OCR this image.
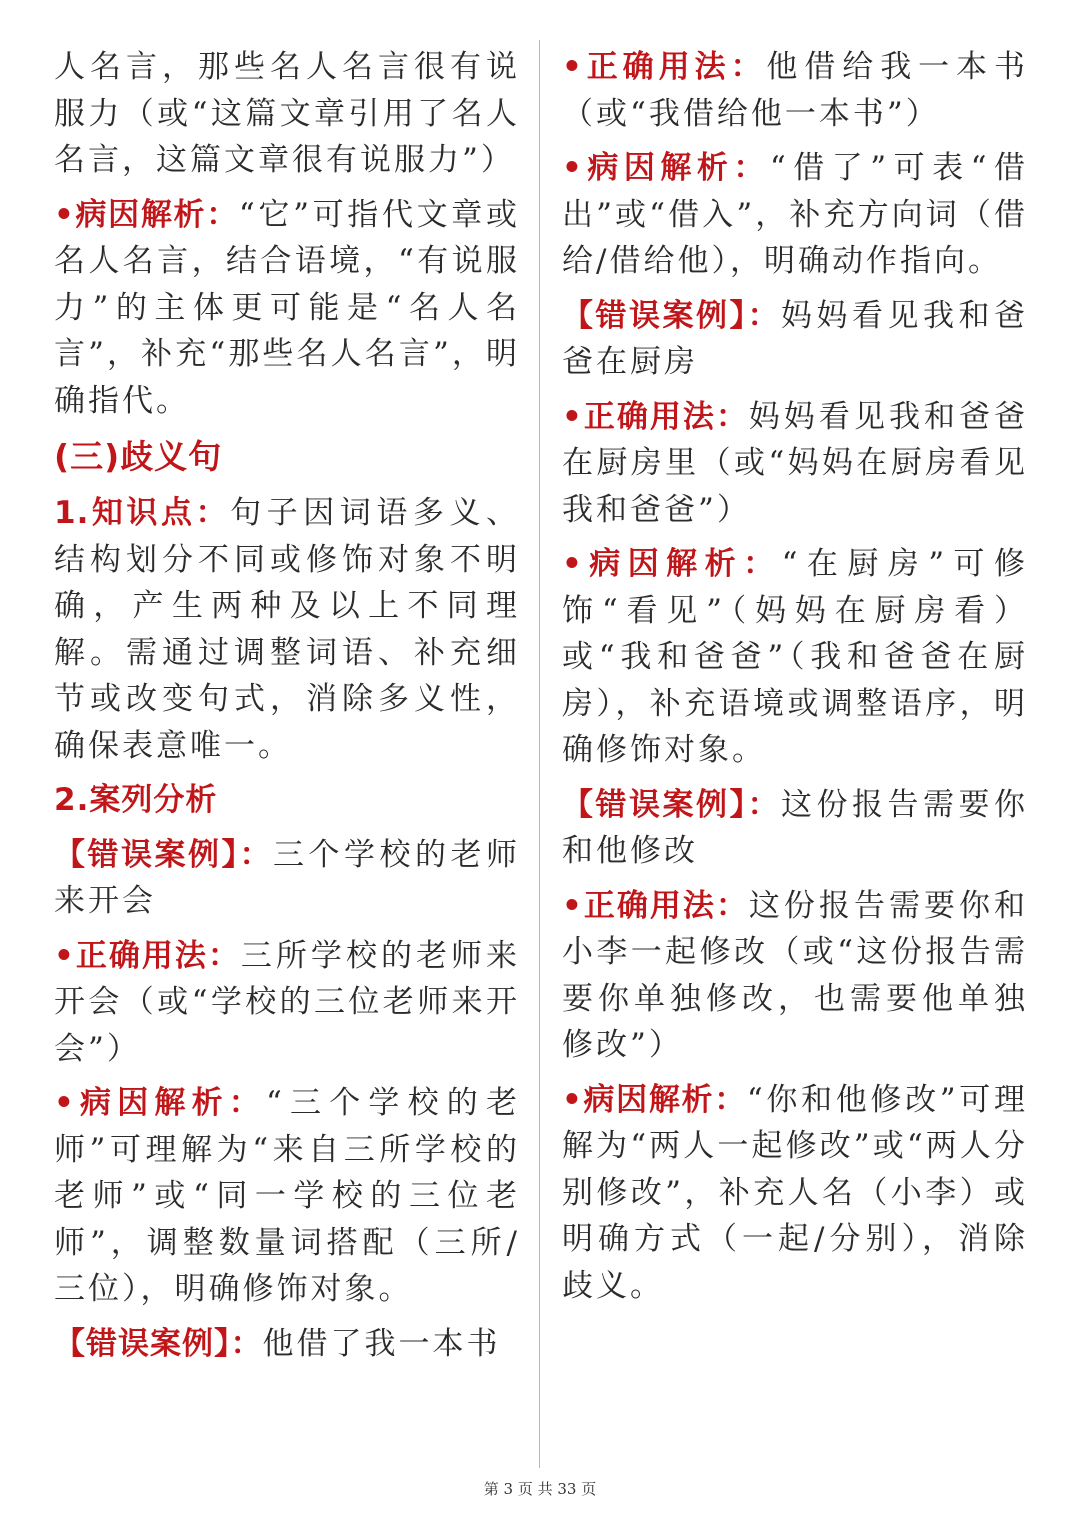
人名言，那些名人名言很有说服力（或“这篇文章引用了名人名言，这篇文章很有说服力”）

•病因解析：“它”可指代文章或名人名言，结合语境，“有说服力”的主体更可能是“名人名言”，补充“那些名人名言”，明确指代。

(三)歧义句

1.知识点：句子因词语多义、结构划分不同或修饰对象不明确，产生两种及以上不同理解。需通过调整词语、补充细节或改变句式，消除多义性，确保表意唯一。

2.案列分析

【错误案例】：三个学校的老师来开会

•正确用法：三所学校的老师来开会（或“学校的三位老师来开会”）

•病因解析：“三个学校的老师”可理解为“来自三所学校的老师”或“同一学校的三位老师”，调整数量词搭配（三所/三位），明确修饰对象。

【错误案例】：他借了我一本书

•正确用法：他借给我一本书（或“我借给他一本书”）

•病因解析：“借了”可表“借出”或“借入”，补充方向词（借给/借给他），明确动作指向。

【错误案例】：妈妈看见我和爸爸在厨房

•正确用法：妈妈看见我和爸爸在厨房里（或“妈妈在厨房看见我和爸爸”）

•病因解析：“在厨房”可修饰“看见”（妈妈在厨房看）或“我和爸爸”（我和爸爸在厨房），补充语境或调整语序，明确修饰对象。

【错误案例】：这份报告需要你和他修改

•正确用法：这份报告需要你和小李一起修改（或“这份报告需要你单独修改，也需要他单独修改”）

•病因解析：“你和他修改”可理解为“两人一起修改”或“两人分别修改”，补充人名（小李）或明确方式（一起/分别），消除歧义。

第 3 页 共 33 页
